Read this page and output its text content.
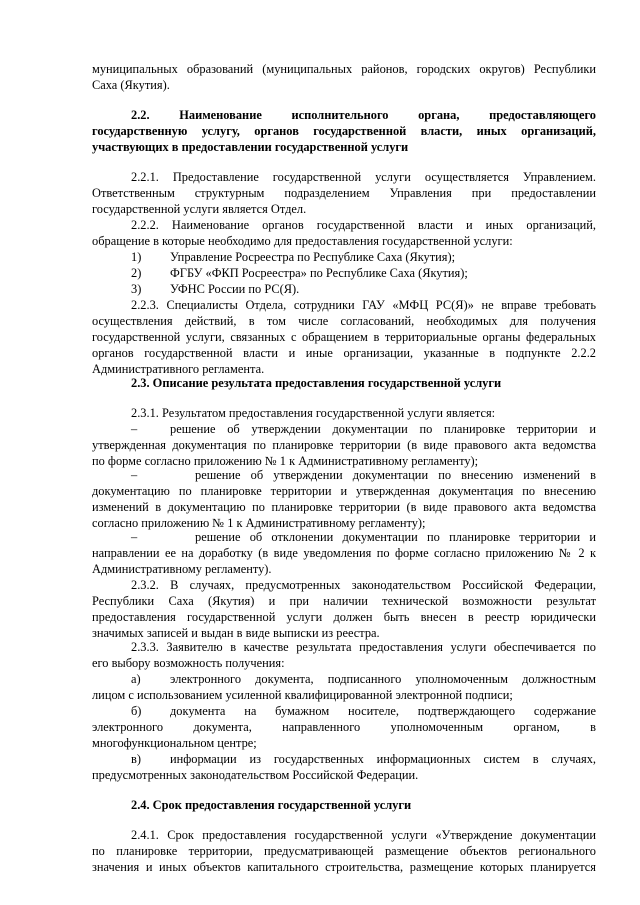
муниципальных образований (муниципальных районов, городских округов) Республики
Саха (Якутия).
2.2. Наименование исполнительного органа, предоставляющего
государственную услугу, органов государственной власти, иных организаций,
участвующих в предоставлении государственной услуги
2.2.1. Предоставление государственной услуги осуществляется Управлением.
Ответственным структурным подразделением Управления при предоставлении
государственной услуги является Отдел.
2.2.2. Наименование органов государственной власти и иных организаций,
обращение в которые необходимо для предоставления государственной услуги:
1) Управление Росреестра по Республике Саха (Якутия);
2) ФГБУ «ФКП Росреестра» по Республике Саха (Якутия);
3) УФНС России по РС(Я).
2.2.3. Специалисты Отдела, сотрудники ГАУ «МФЦ РС(Я)» не вправе требовать
осуществления действий, в том числе согласований, необходимых для получения
государственной услуги, связанных с обращением в территориальные органы федеральных
органов государственной власти и иные организации, указанные в подпункте 2.2.2
Административного регламента.
2.3. Описание результата предоставления государственной услуги
2.3.1. Результатом предоставления государственной услуги является:
–	решение об утверждении документации по планировке территории и
утвержденная документация по планировке территории (в виде правового акта ведомства
по форме согласно приложению № 1 к Административному регламенту);
–	решение об утверждении документации по внесению изменений в
документацию по планировке территории и утвержденная документация по внесению
изменений в документацию по планировке территории (в виде правового акта ведомства
согласно приложению № 1 к Административному регламенту);
–	решение об отклонении документации по планировке территории и
направлении ее на доработку (в виде уведомления по форме согласно приложению № 2 к
Административному регламенту).
2.3.2. В случаях, предусмотренных законодательством Российской Федерации,
Республики Саха (Якутия) и при наличии технической возможности результат
предоставления государственной услуги должен быть внесен в реестр юридически
значимых записей и выдан в виде выписки из реестра.
2.3.3. Заявителю в качестве результата предоставления услуги обеспечивается по
его выбору возможность получения:
а) электронного документа, подписанного уполномоченным должностным
лицом с использованием усиленной квалифицированной электронной подписи;
б) документа на бумажном носителе, подтверждающего содержание
электронного документа, направленного уполномоченным органом, в
многофункциональном центре;
в) информации из государственных информационных систем в случаях,
предусмотренных законодательством Российской Федерации.
2.4. Срок предоставления государственной услуги
2.4.1. Срок предоставления государственной услуги «Утверждение документации
по планировке территории, предусматривающей размещение объектов регионального
значения и иных объектов капитального строительства, размещение которых планируется
